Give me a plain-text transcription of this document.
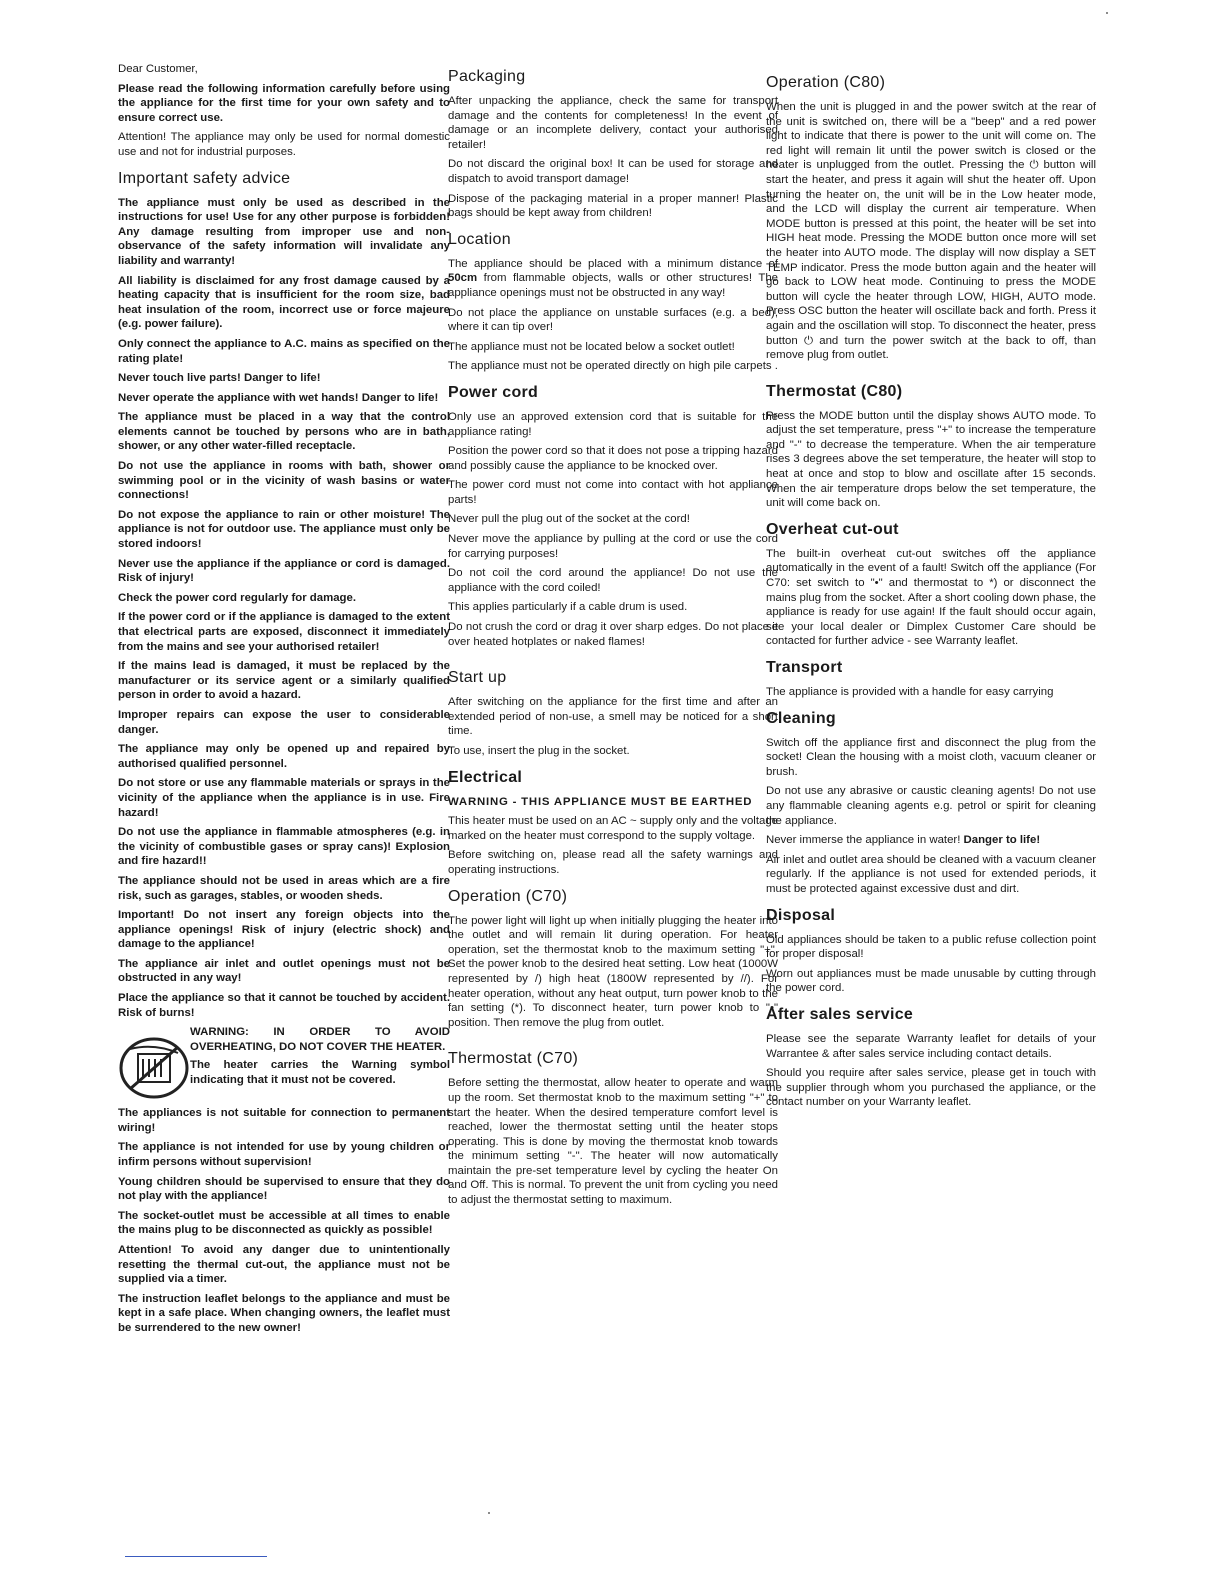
Dear Customer,

Please read the following information carefully before using the appliance for the first time for your own safety and to ensure correct use.

Attention! The appliance may only be used for normal domestic use and not for industrial purposes.

Important safety advice

The appliance must only be used as described in the instructions for use! Use for any other purpose is forbidden! Any damage resulting from improper use and non-observance of the safety information will invalidate any liability and warranty!

All liability is disclaimed for any frost damage caused by a heating capacity that is insufficient for the room size, bad heat insulation of the room, incorrect use or force majeure (e.g. power failure).

Only connect the appliance to A.C. mains as specified on the rating plate!

Never touch live parts! Danger to life!

Never operate the appliance with wet hands! Danger to life!

The appliance must be placed in a way that the control elements cannot be touched by persons who are in bath, shower, or any other water-filled receptacle.

Do not use the appliance in rooms with bath, shower or swimming pool or in the vicinity of wash basins or water connections!

Do not expose the appliance to rain or other moisture! The appliance is not for outdoor use. The appliance must only be stored indoors!

Never use the appliance if the appliance or cord is damaged. Risk of injury!

Check the power cord regularly for damage.

If the power cord or if the appliance is damaged to the extent that electrical parts are exposed, disconnect it immediately from the mains and see your authorised retailer!

If the mains lead is damaged, it must be replaced by the manufacturer or its service agent or a similarly qualified person in order to avoid a hazard.

Improper repairs can expose the user to considerable danger.

The appliance may only be opened up and repaired by authorised qualified personnel.

Do not store or use any flammable materials or sprays in the vicinity of the appliance when the appliance is in use. Fire hazard!

Do not use the appliance in flammable atmospheres (e.g. in the vicinity of combustible gases or spray cans)! Explosion and fire hazard!!

The appliance should not be used in areas which are a fire risk, such as garages, stables, or wooden sheds.

Important! Do not insert any foreign objects into the appliance openings! Risk of injury (electric shock) and damage to the appliance!

The appliance air inlet and outlet openings must not be obstructed in any way!

Place the appliance so that it cannot be touched by accident. Risk of burns!

WARNING: IN ORDER TO AVOID OVERHEATING, DO NOT COVER THE HEATER.

The heater carries the Warning symbol indicating that it must not be covered.

The appliances is not suitable for connection to permanent wiring!

The appliance is not intended for use by young children or infirm persons without supervision!

Young children should be supervised to ensure that they do not play with the appliance!

The socket-outlet must be accessible at all times to enable the mains plug to be disconnected as quickly as possible!

Attention! To avoid any danger due to unintentionally resetting the thermal cut-out, the appliance must not be supplied via a timer.

The instruction leaflet belongs to the appliance and must be kept in a safe place. When changing owners, the leaflet must be surrendered to the new owner!

Packaging

After unpacking the appliance, check the same for transport damage and the contents for completeness! In the event of damage or an incomplete delivery, contact your authorised retailer!

Do not discard the original box! It can be used for storage and dispatch to avoid transport damage!

Dispose of the packaging material in a proper manner! Plastic bags should be kept away from children!

Location

The appliance should be placed with a minimum distance of 50cm from flammable objects, walls or other structures! The appliance openings must not be obstructed in any way!

Do not place the appliance on unstable surfaces (e.g. a bed), where it can tip over!

The appliance must not be located below a socket outlet!

The appliance must not be operated directly on high pile carpets .

Power cord

Only use an approved extension cord that is suitable for the appliance rating!

Position the power cord so that it does not pose a tripping hazard and possibly cause the appliance to be knocked over.

The power cord must not come into contact with hot appliance parts!

Never pull the plug out of the socket at the cord!

Never move the appliance by pulling at the cord or use the cord for carrying purposes!

Do not coil the cord around the appliance! Do not use the appliance with the cord coiled!

This applies particularly if a cable drum is used.

Do not crush the cord or drag it over sharp edges. Do not place it over heated hotplates or naked flames!

Start up

After switching on the appliance for the first time and after an extended period of non-use, a smell may be noticed for a short time.

To use, insert the plug in the socket.

Electrical

WARNING - THIS APPLIANCE MUST BE EARTHED

This heater must be used on an AC ~ supply only and the voltage marked on the heater must correspond to the supply voltage.

Before switching on, please read all the safety warnings and operating instructions.

Operation (C70)

The power light will light up when initially plugging the heater into the outlet and will remain lit during operation. For heater operation, set the thermostat knob to the maximum setting "+". Set the power knob to the desired heat setting. Low heat (1000W represented by /) high heat (1800W represented by //). For heater operation, without any heat output, turn power knob to the fan setting (*). To disconnect heater, turn power knob to "•" position. Then remove the plug from outlet.

Thermostat (C70)

Before setting the thermostat, allow heater to operate and warm up the room. Set thermostat knob to the maximum setting "+" to start the heater. When the desired temperature comfort level is reached, lower the thermostat setting until the heater stops operating. This is done by moving the thermostat knob towards the minimum setting "-". The heater will now automatically maintain the pre-set temperature level by cycling the heater On and Off. This is normal. To prevent the unit from cycling you need to adjust the thermostat setting to maximum.

Operation (C80)

When the unit is plugged in and the power switch at the rear of the unit is switched on, there will be a "beep" and a red power light to indicate that there is power to the unit will come on. The red light will remain lit until the power switch is closed or the heater is unplugged from the outlet. Pressing the ⏻ button will start the heater, and press it again will shut the heater off. Upon turning the heater on, the unit will be in the Low heater mode, and the LCD will display the current air temperature. When MODE button is pressed at this point, the heater will be set into HIGH heat mode. Pressing the MODE button once more will set the heater into AUTO mode. The display will now display a SET TEMP indicator. Press the mode button again and the heater will go back to LOW heat mode. Continuing to press the MODE button will cycle the heater through LOW, HIGH, AUTO mode. Press OSC button the heater will oscillate back and forth. Press it again and the oscillation will stop. To disconnect the heater, press button ⏻ and turn the power switch at the back to off, than remove plug from outlet.

Thermostat (C80)

Press the MODE button until the display shows AUTO mode. To adjust the set temperature, press "+" to increase the temperature and "-" to decrease the temperature. When the air temperature rises 3 degrees above the set temperature, the heater will stop to heat at once and stop to blow and oscillate after 15 seconds. When the air temperature drops below the set temperature, the unit will come back on.

Overheat cut-out

The built-in overheat cut-out switches off the appliance automatically in the event of a fault! Switch off the appliance (For C70: set switch to "•" and thermostat to *) or disconnect the mains plug from the socket. After a short cooling down phase, the appliance is ready for use again! If the fault should occur again, see your local dealer or Dimplex Customer Care should be contacted for further advice - see Warranty leaflet.

Transport

The appliance is provided with a handle for easy carrying

Cleaning

Switch off the appliance first and disconnect the plug from the socket! Clean the housing with a moist cloth, vacuum cleaner or brush.

Do not use any abrasive or caustic cleaning agents! Do not use any flammable cleaning agents e.g. petrol or spirit for cleaning the appliance.

Never immerse the appliance in water! Danger to life!

Air inlet and outlet area should be cleaned with a vacuum cleaner regularly. If the appliance is not used for extended periods, it must be protected against excessive dust and dirt.

Disposal

Old appliances should be taken to a public refuse collection point for proper disposal!

Worn out appliances must be made unusable by cutting through the power cord.

After sales service

Please see the separate Warranty leaflet for details of your Warrantee & after sales service including contact details.

Should you require after sales service, please get in touch with the supplier through whom you purchased the appliance, or the contact number on your Warranty leaflet.
